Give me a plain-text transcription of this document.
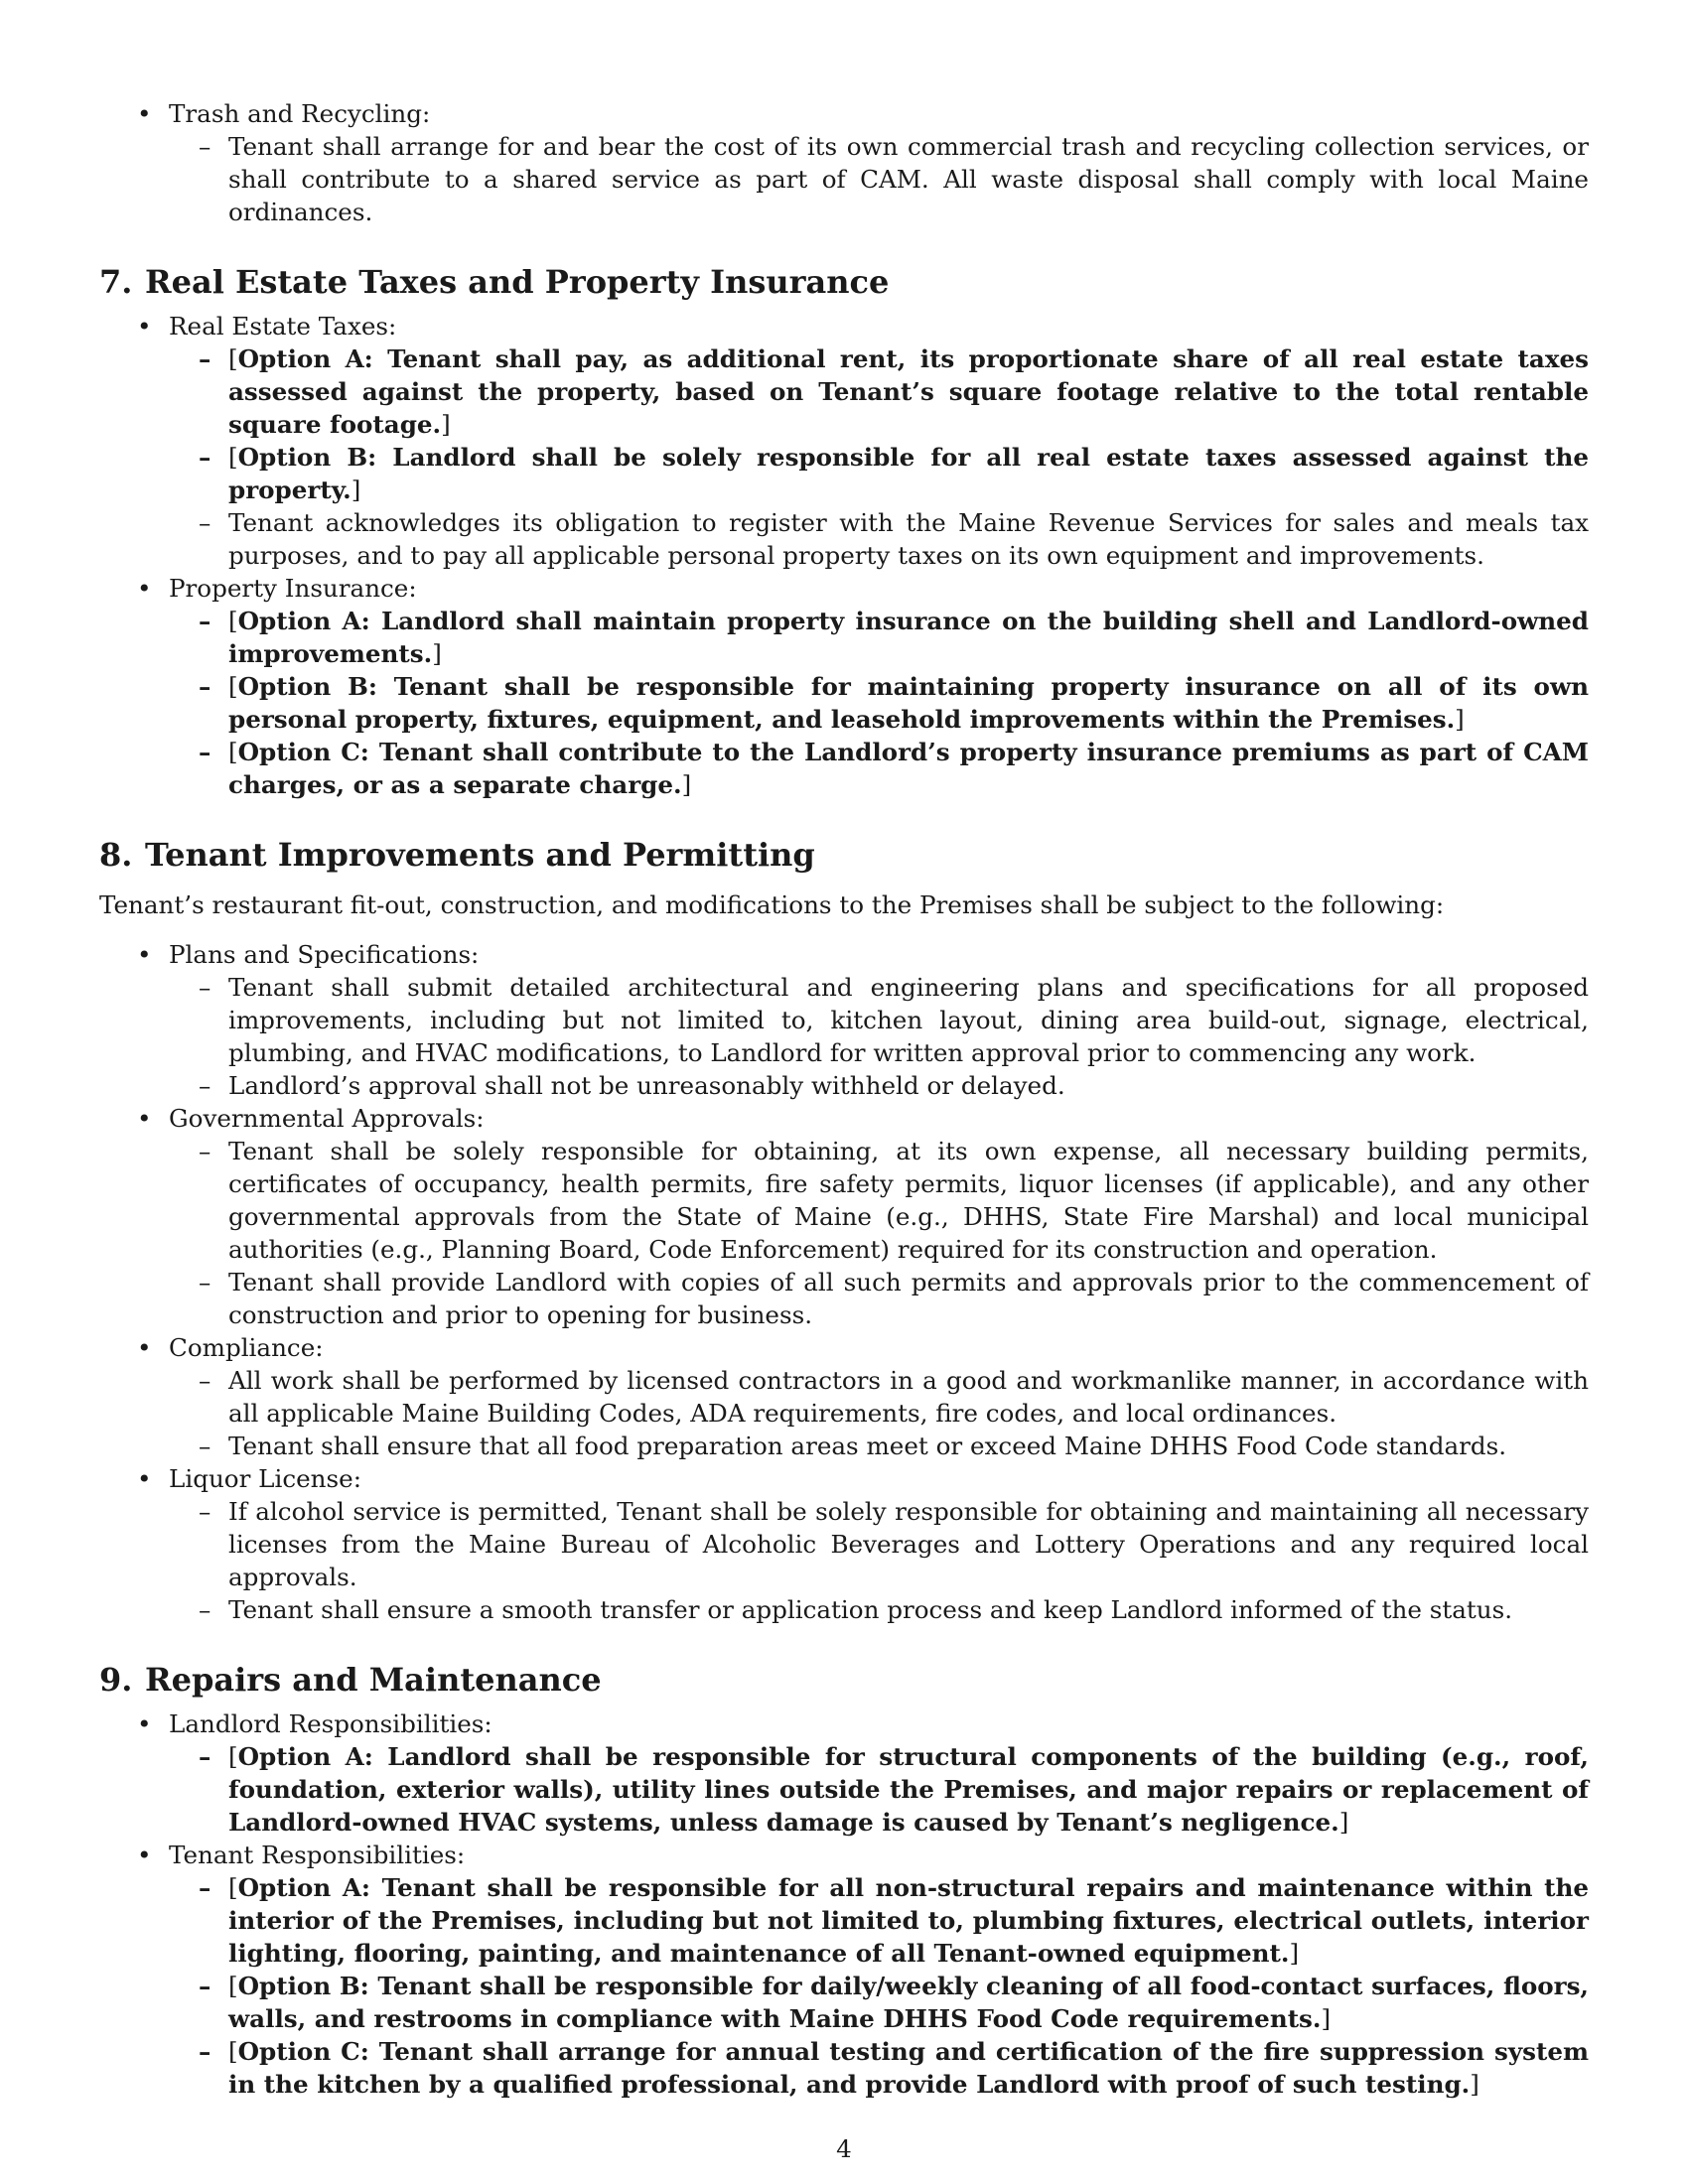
• Trash and Recycling:
– Tenant shall arrange for and bear the cost of its own commercial trash and recycling collection services, or shall contribute to a shared service as part of CAM. All waste disposal shall comply with local Maine ordinances.
7. Real Estate Taxes and Property Insurance
• Real Estate Taxes:
– [Option A: Tenant shall pay, as additional rent, its proportionate share of all real estate taxes assessed against the property, based on Tenant’s square footage relative to the total rentable square footage.]
– [Option B: Landlord shall be solely responsible for all real estate taxes assessed against the property.]
– Tenant acknowledges its obligation to register with the Maine Revenue Services for sales and meals tax purposes, and to pay all applicable personal property taxes on its own equipment and improvements.
• Property Insurance:
– [Option A: Landlord shall maintain property insurance on the building shell and Landlord-owned improvements.]
– [Option B: Tenant shall be responsible for maintaining property insurance on all of its own personal property, fixtures, equipment, and leasehold improvements within the Premises.]
– [Option C: Tenant shall contribute to the Landlord’s property insurance premiums as part of CAM charges, or as a separate charge.]
8. Tenant Improvements and Permitting

Tenant’s restaurant fit-out, construction, and modifications to the Premises shall be subject to the following:

• Plans and Specifications:
– Tenant shall submit detailed architectural and engineering plans and specifications for all proposed improvements, including but not limited to, kitchen layout, dining area build-out, signage, electrical, plumbing, and HVAC modifications, to Landlord for written approval prior to commencing any work.
– Landlord’s approval shall not be unreasonably withheld or delayed.
• Governmental Approvals:
– Tenant shall be solely responsible for obtaining, at its own expense, all necessary building permits, certificates of occupancy, health permits, fire safety permits, liquor licenses (if applicable), and any other governmental approvals from the State of Maine (e.g., DHHS, State Fire Marshal) and local municipal authorities (e.g., Planning Board, Code Enforcement) required for its construction and operation.
– Tenant shall provide Landlord with copies of all such permits and approvals prior to the commencement of construction and prior to opening for business.
• Compliance:
– All work shall be performed by licensed contractors in a good and workmanlike manner, in accordance with all applicable Maine Building Codes, ADA requirements, fire codes, and local ordinances.
– Tenant shall ensure that all food preparation areas meet or exceed Maine DHHS Food Code standards.
• Liquor License:
– If alcohol service is permitted, Tenant shall be solely responsible for obtaining and maintaining all necessary licenses from the Maine Bureau of Alcoholic Beverages and Lottery Operations and any required local approvals.
– Tenant shall ensure a smooth transfer or application process and keep Landlord informed of the status.
9. Repairs and Maintenance
• Landlord Responsibilities:
– [Option A: Landlord shall be responsible for structural components of the building (e.g., roof, foundation, exterior walls), utility lines outside the Premises, and major repairs or replacement of Landlord-owned HVAC systems, unless damage is caused by Tenant’s negligence.]
• Tenant Responsibilities:
– [Option A: Tenant shall be responsible for all non-structural repairs and maintenance within the interior of the Premises, including but not limited to, plumbing fixtures, electrical outlets, interior lighting, flooring, painting, and maintenance of all Tenant-owned equipment.]
– [Option B: Tenant shall be responsible for daily/weekly cleaning of all food-contact surfaces, floors, walls, and restrooms in compliance with Maine DHHS Food Code requirements.]
– [Option C: Tenant shall arrange for annual testing and certification of the fire suppression system in the kitchen by a qualified professional, and provide Landlord with proof of such testing.]
4
